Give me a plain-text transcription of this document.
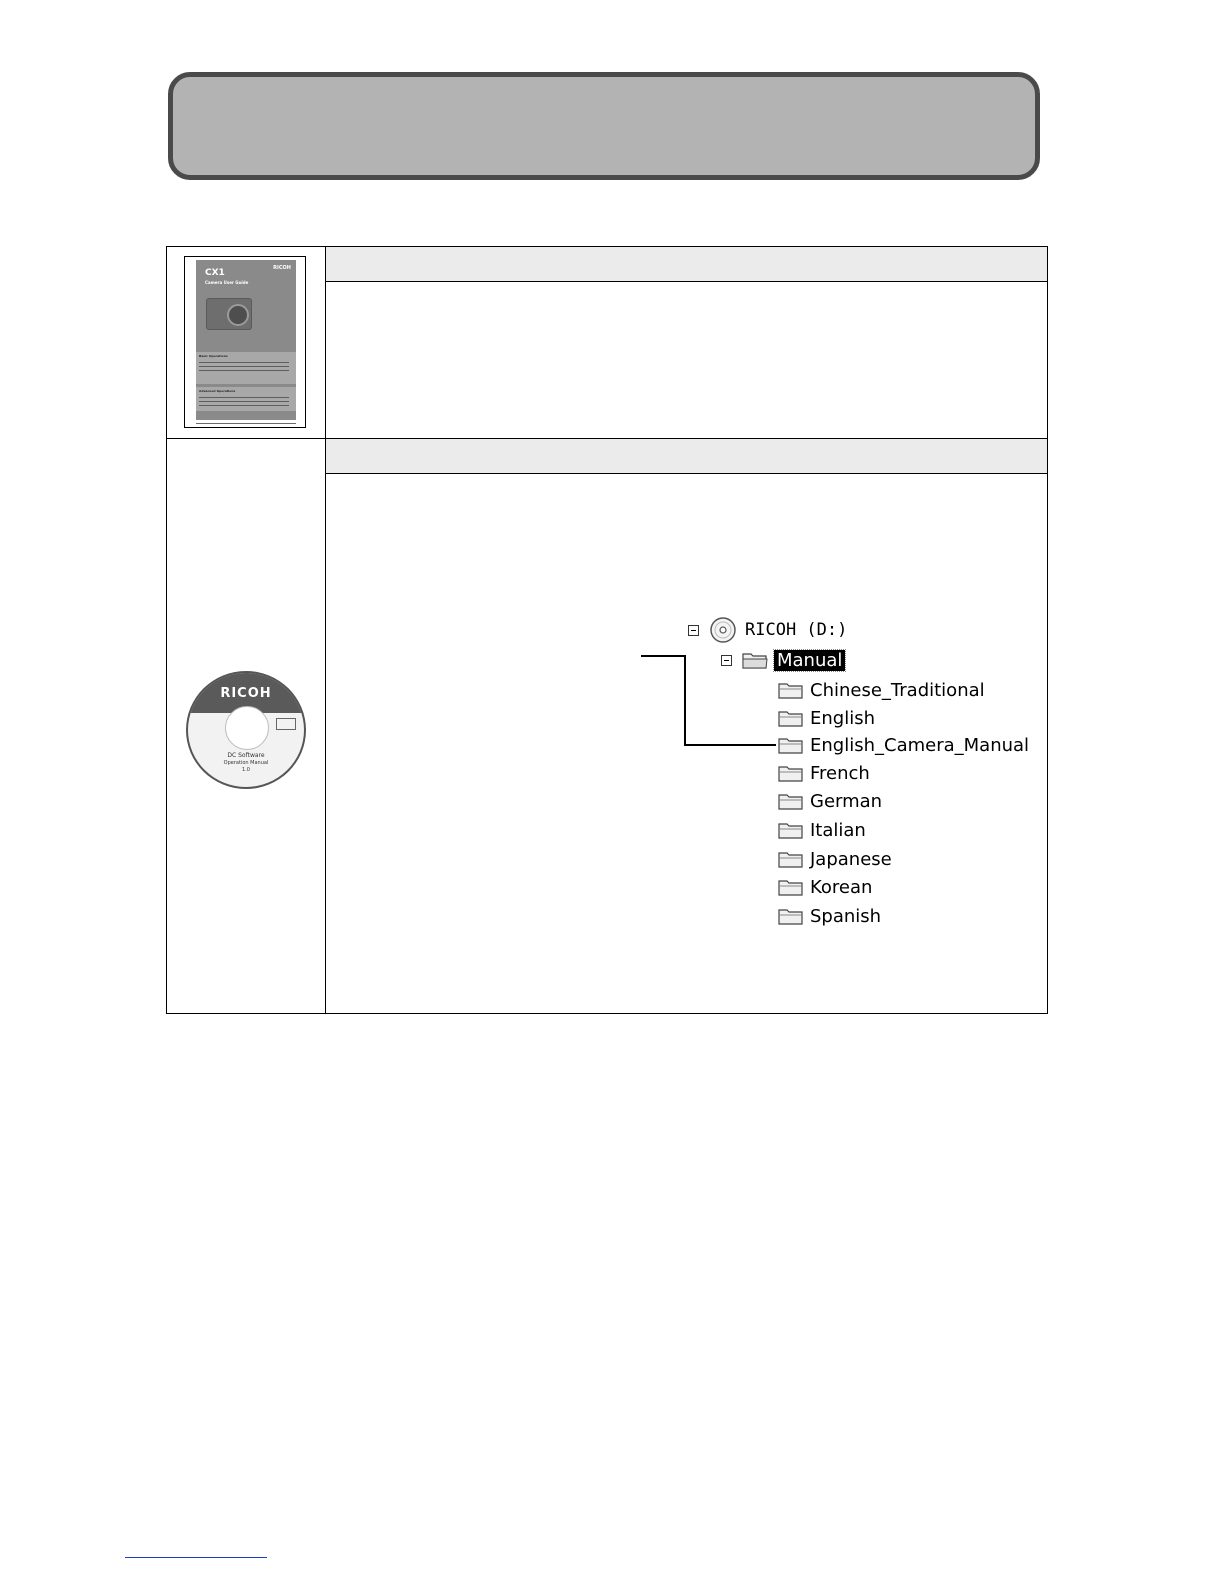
RICOH
CX1
Camera User Guide
Basic Operations
Advanced Operations
RICOH
DC Software
Operation Manual
1.0
RICOH (D:)
Manual
Chinese_Traditional
English
English_Camera_Manual
French
German
Italian
Japanese
Korean
Spanish
